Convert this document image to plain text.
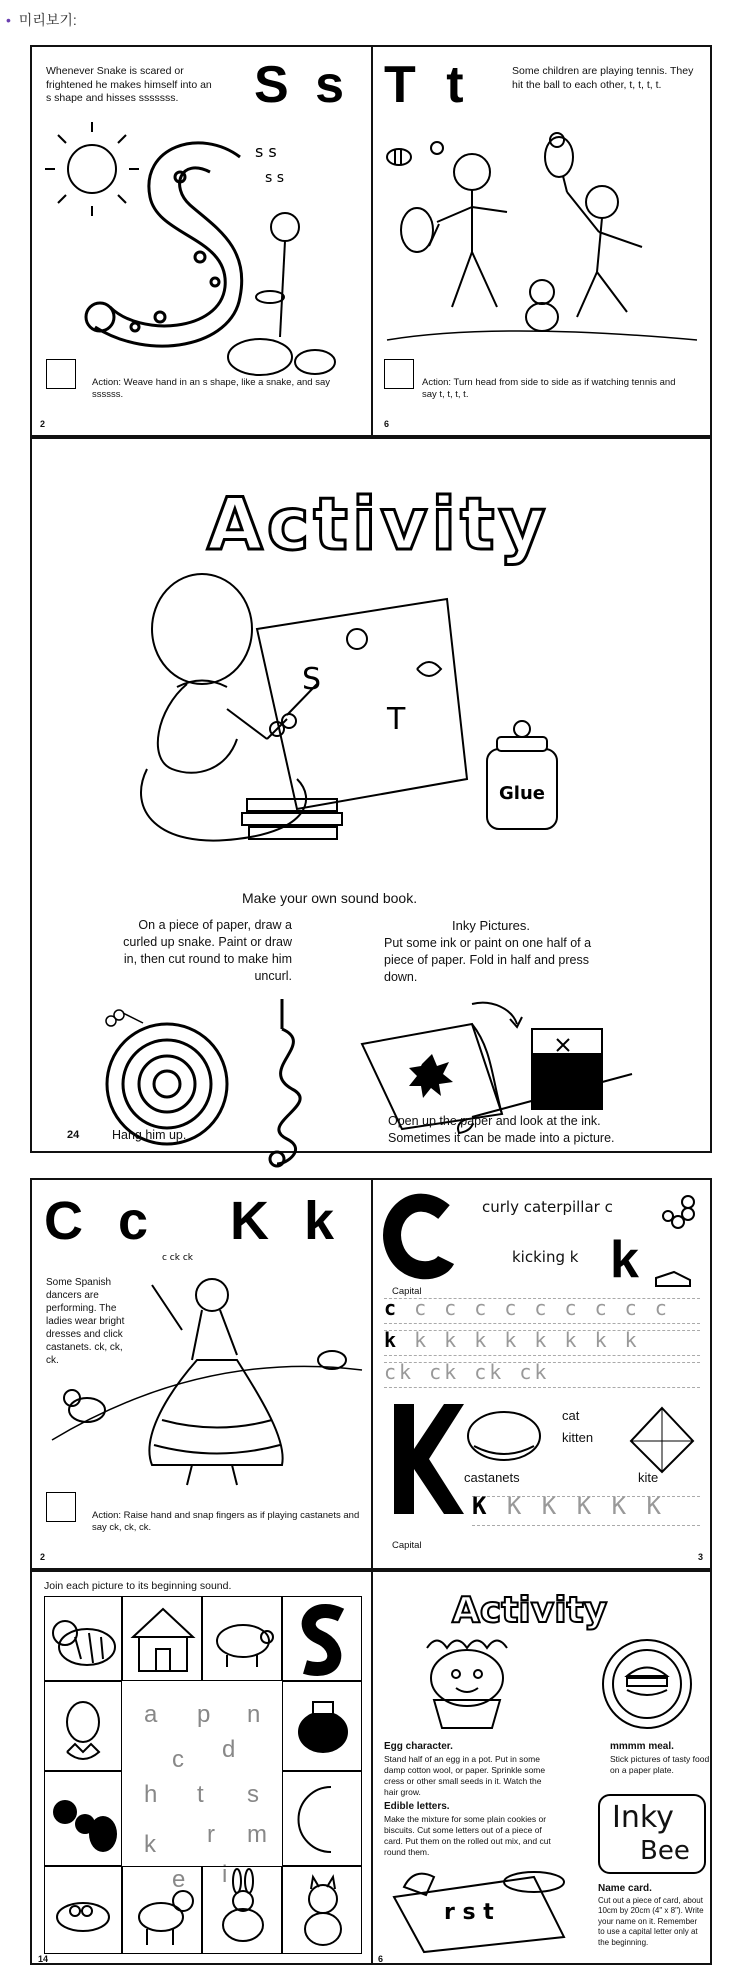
• 미리보기:
Whenever Snake is scared or frightened he makes himself into an s shape and hisses sssssss.	S s
s s
s s
Action: Weave hand in an s shape, like a snake, and say ssssss.
2
T t	Some children are playing tennis. They hit the ball to each other, t, t, t, t.
Action: Turn head from side to side as if watching tennis and say t, t, t, t.
6
Activity
S
T
Glue
Make your own sound book.
On a piece of paper, draw a curled up snake. Paint or draw in, then cut round to make him uncurl.
Hang him up.
24
Inky Pictures.
Put some ink or paint on one half of a piece of paper. Fold in half and press down.
Open up the paper and look at the ink. Sometimes it can be made into a picture.
C c K k
Some Spanish dancers are performing. The ladies wear bright dresses and click castanets. ck, ck, ck.
c ck ck
Action: Raise hand and snap fingers as if playing castanets and say ck, ck, ck.
2
Capital
curly caterpillar c
kicking k k
c c c c c c c c c c
k k k k k k k k k
ck ck ck ck
Capital
castanets
cat
kitten
kite
K K K K K K
3
Join each picture to its beginning sound.
a p n
c d
h t s
r m
k
e i
14
Activity
Egg character.
Stand half of an egg in a pot. Put in some damp cotton wool, or paper. Sprinkle some cress or other small seeds in it. Watch the hair grow.
mmmm meal.
Stick pictures of tasty food on a paper plate.
Edible letters.
Make the mixture for some plain cookies or biscuits. Cut some letters out of a piece of card. Put them on the rolled out mix, and cut round them.
Inky
Bee
r s t
Name card.
Cut out a piece of card, about 10cm by 20cm (4" x 8"). Write your name on it. Remember to use a capital letter only at the beginning.
6
